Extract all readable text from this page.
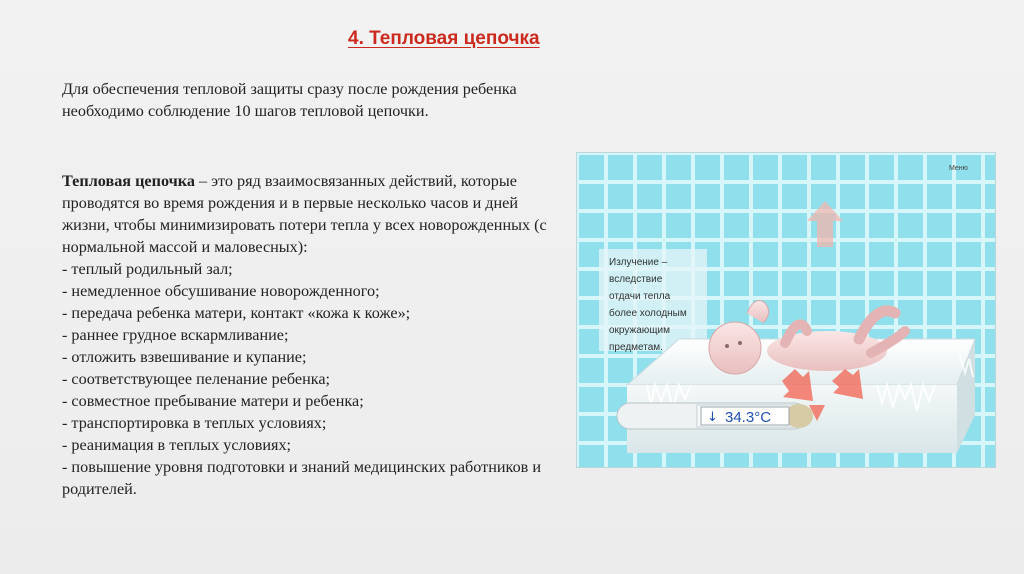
4. Тепловая цепочка
Для обеспечения тепловой защиты сразу после рождения ребенка необходимо соблюдение 10 шагов тепловой цепочки.
Тепловая цепочка – это ряд взаимосвязанных действий, которые проводятся во время рождения и в первые несколько часов и дней жизни, чтобы минимизировать потери тепла у всех новорожденных (с нормальной массой и маловесных):
- теплый родильный зал;
- немедленное обсушивание новорожденного;
- передача ребенка матери, контакт «кожа к коже»;
- раннее грудное вскармливание;
- отложить взвешивание и купание;
- соответствующее пеленание ребенка;
- совместное пребывание матери и ребенка;
- транспортировка в теплых условиях;
- реанимация в теплых условиях;
- повышение уровня подготовки и знаний медицинских работников и родителей.
Меню
Излучение – вследствие отдачи тепла более холодным окружающим предметам.
↓ 34.3°C
